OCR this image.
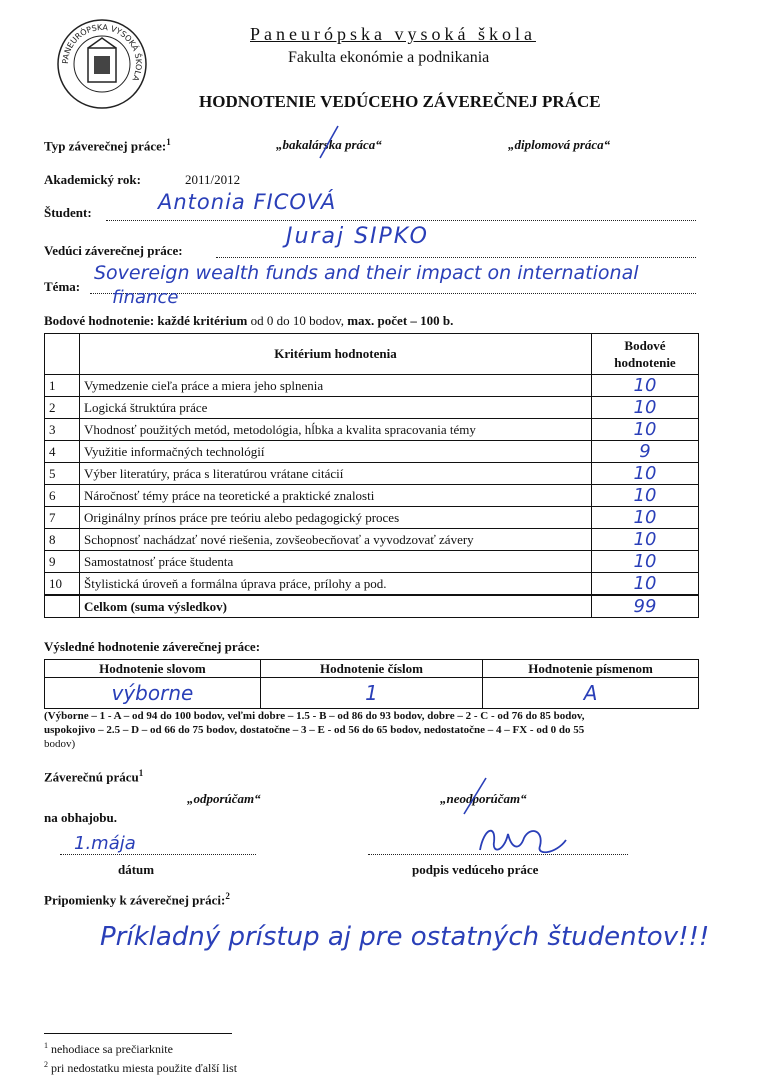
PANEURÓPSKA VYSOKÁ ŠKOLA
Paneurópska vysoká škola
Fakulta ekonómie a podnikania
HODNOTENIE VEDÚCEHO ZÁVEREČNEJ PRÁCE
Typ záverečnej práce:$^1$	„bakalárska práca“	„diplomová práca“
Akademický rok:	2011/2012
Študent:	Antonia FICOVÁ
Vedúci záverečnej práce:
Juraj SIPKO
Téma:
Sovereign wealth funds and their impact on international
finance
Bodové hodnotenie: každé kritérium od 0 do 10 bodov, max. počet – 100 b.
	Kritérium hodnotenia	Bodové hodnotenie
1	Vymedzenie cieľa práce a miera jeho splnenia	10
2	Logická štruktúra práce	10
3	Vhodnosť použitých metód, metodológia, hĺbka a kvalita spracovania témy	10
4	Využitie informačných technológií	9
5	Výber literatúry, práca s literatúrou vrátane citácií	10
6	Náročnosť témy práce na teoretické a praktické znalosti	10
7	Originálny prínos práce pre teóriu alebo pedagogický proces	10
8	Schopnosť nachádzať nové riešenia, zovšeobecňovať a vyvodzovať závery	10
9	Samostatnosť práce študenta	10
10	Štylistická úroveň a formálna úprava práce, prílohy a pod.	10
	Celkom (suma výsledkov)	99
Výsledné hodnotenie záverečnej práce:
Hodnotenie slovom	Hodnotenie číslom	Hodnotenie písmenom
výborne	1	A
(Výborne – 1 - A – od 94 do 100 bodov, veľmi dobre – 1.5 - B – od 86 do 93 bodov, dobre – 2 - C - od 76 do 85 bodov,
uspokojivo – 2.5 – D – od 66 do 75 bodov, dostatočne – 3 – E - od 56 do 65 bodov, nedostatočne – 4 – FX - od 0 do 55
bodov)
Záverečnú prácu$^1$
„odporúčam“	„neodporúčam“
na obhajobu.
1.mája
dátum	podpis vedúceho práce
Pripomienky k záverečnej práci:$^2$
Príkladný prístup aj pre ostatných študentov!!!
$^1$ nehodiace sa prečiarknite
$^2$ pri nedostatku miesta použite ďalší list
